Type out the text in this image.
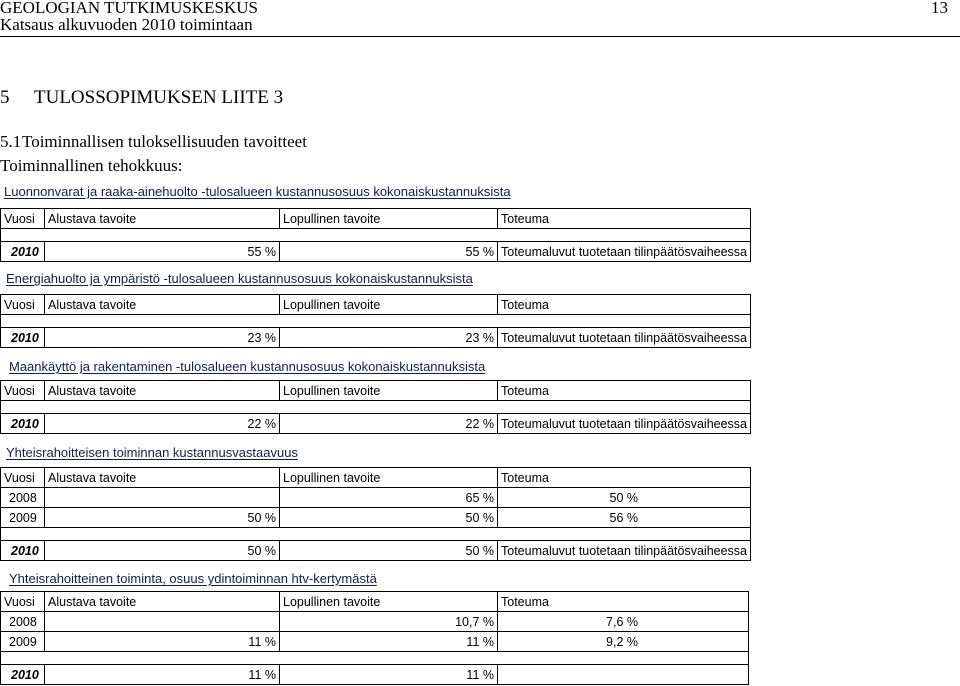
GEOLOGIAN TUTKIMUSKESKUS
Katsaus alkuvuoden 2010 toimintaan
13
5 TULOSSOPIMUKSEN LIITE 3
5.1Toiminnallisen tuloksellisuuden tavoitteet
Toiminnallinen tehokkuus:
Luonnonvarat ja raaka-ainehuolto -tulosalueen kustannusosuus kokonaiskustannuksista
Vuosi	Alustava tavoite	Lopullinen tavoite	Toteuma

2010	55 %	55 %	Toteumaluvut tuotetaan tilinpäätösvaiheessa
Energiahuolto ja ympäristö -tulosalueen kustannusosuus kokonaiskustannuksista
Vuosi	Alustava tavoite	Lopullinen tavoite	Toteuma

2010	23 %	23 %	Toteumaluvut tuotetaan tilinpäätösvaiheessa
Maankäyttö ja rakentaminen -tulosalueen kustannusosuus kokonaiskustannuksista
Vuosi	Alustava tavoite	Lopullinen tavoite	Toteuma

2010	22 %	22 %	Toteumaluvut tuotetaan tilinpäätösvaiheessa
Yhteisrahoitteisen toiminnan kustannusvastaavuus
Vuosi	Alustava tavoite	Lopullinen tavoite	Toteuma
2008		65 %	50 %
2009	50 %	50 %	56 %

2010	50 %	50 %	Toteumaluvut tuotetaan tilinpäätösvaiheessa
Yhteisrahoitteinen toiminta, osuus ydintoiminnan htv-kertymästä
Vuosi	Alustava tavoite	Lopullinen tavoite	Toteuma
2008		10,7 %	7,6 %
2009	11 %	11 %	9,2 %

2010	11 %	11 %	
